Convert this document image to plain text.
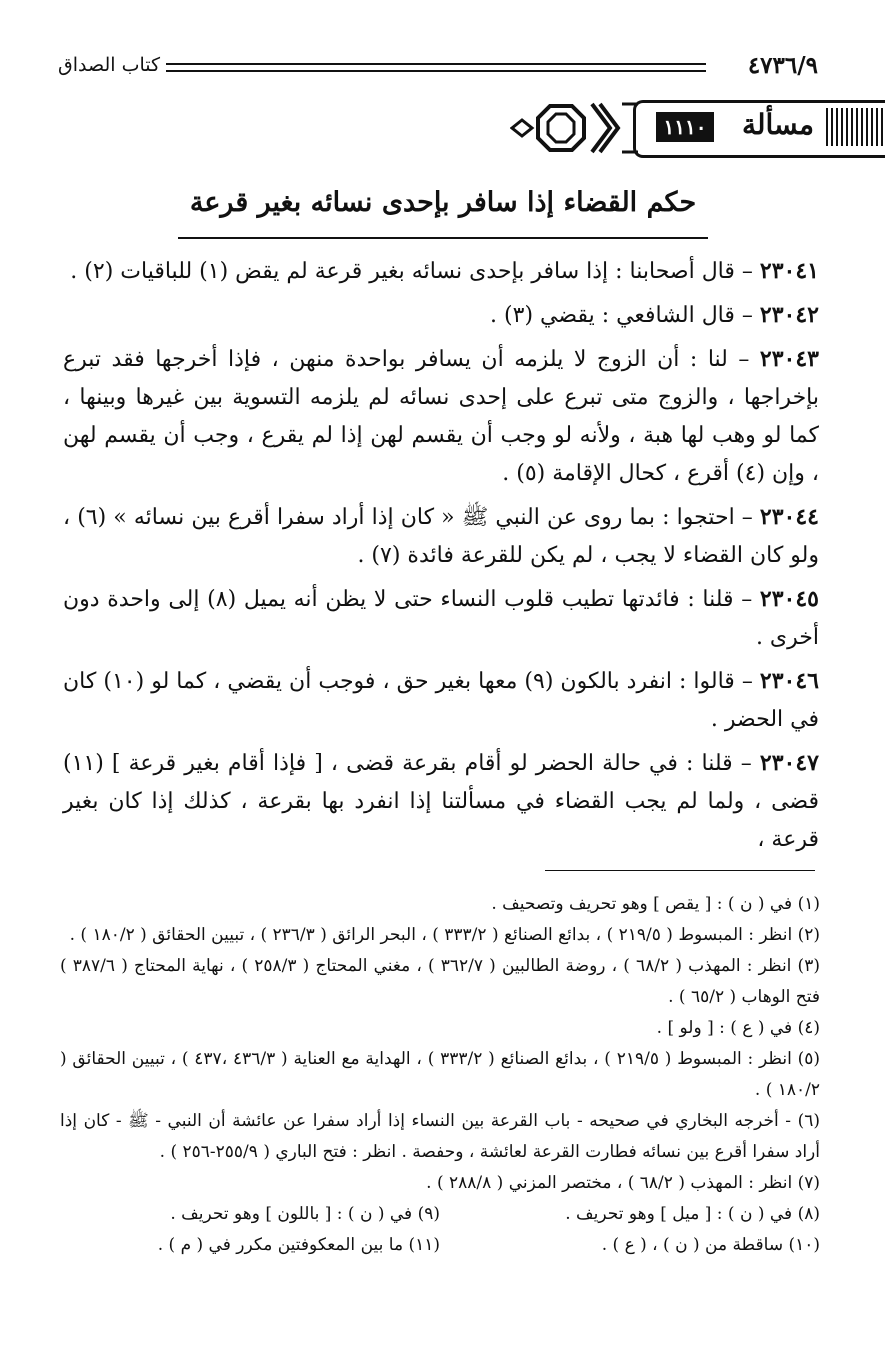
٤٧٣٦/٩
كتاب الصداق
مسألة
١١١٠
حكم القضاء إذا سافر بإحدى نسائه بغير قرعة

٢٣٠٤١ – قال أصحابنا : إذا سافر بإحدى نسائه بغير قرعة لم يقض (١) للباقيات (٢) .

٢٣٠٤٢ – قال الشافعي : يقضي (٣) .

٢٣٠٤٣ – لنا : أن الزوج لا يلزمه أن يسافر بواحدة منهن ، فإذا أخرجها فقد تبرع بإخراجها ، والزوج متى تبرع على إحدى نسائه لم يلزمه التسوية بين غيرها وبينها ، كما لو وهب لها هبة ، ولأنه لو وجب أن يقسم لهن إذا لم يقرع ، وجب أن يقسم لهن ، وإن (٤) أقرع ، كحال الإقامة (٥) .

٢٣٠٤٤ – احتجوا : بما روى عن النبي ﷺ « كان إذا أراد سفرا أقرع بين نسائه » (٦) ، ولو كان القضاء لا يجب ، لم يكن للقرعة فائدة (٧) .

٢٣٠٤٥ – قلنا : فائدتها تطيب قلوب النساء حتى لا يظن أنه يميل (٨) إلى واحدة دون أخرى .

٢٣٠٤٦ – قالوا : انفرد بالكون (٩) معها بغير حق ، فوجب أن يقضي ، كما لو (١٠) كان في الحضر .

٢٣٠٤٧ – قلنا : في حالة الحضر لو أقام بقرعة قضى ، [ فإذا أقام بغير قرعة ] (١١) قضى ، ولما لم يجب القضاء في مسألتنا إذا انفرد بها بقرعة ، كذلك إذا كان بغير قرعة ،

(١) في ( ن ) : [ يقص ] وهو تحريف وتصحيف .

(٢) انظر : المبسوط ( ٢١٩/٥ ) ، بدائع الصنائع ( ٣٣٣/٢ ) ، البحر الرائق ( ٢٣٦/٣ ) ، تبيين الحقائق ( ١٨٠/٢ ) .

(٣) انظر : المهذب ( ٦٨/٢ ) ، روضة الطالبين ( ٣٦٢/٧ ) ، مغني المحتاج ( ٢٥٨/٣ ) ، نهاية المحتاج ( ٣٨٧/٦ ) فتح الوهاب ( ٦٥/٢ ) .

(٤) في ( ع ) : [ ولو ] .

(٥) انظر : المبسوط ( ٢١٩/٥ ) ، بدائع الصنائع ( ٣٣٣/٢ ) ، الهداية مع العناية ( ٤٣٦/٣ ،٤٣٧ ) ، تبيين الحقائق ( ١٨٠/٢ ) .

(٦) - أخرجه البخاري في صحيحه - باب القرعة بين النساء إذا أراد سفرا عن عائشة أن النبي - ﷺ - كان إذا أراد سفرا أقرع بين نسائه فطارت القرعة لعائشة ، وحفصة . انظر : فتح الباري ( ٢٥٥/٩-٢٥٦ ) .

(٧) انظر : المهذب ( ٦٨/٢ ) ، مختصر المزني ( ٢٨٨/٨ ) .

(٨) في ( ن ) : [ ميل ] وهو تحريف .
(٩) في ( ن ) : [ باللون ] وهو تحريف .
(١٠) ساقطة من ( ن ) ، ( ع ) .
(١١) ما بين المعكوفتين مكرر في ( م ) .
